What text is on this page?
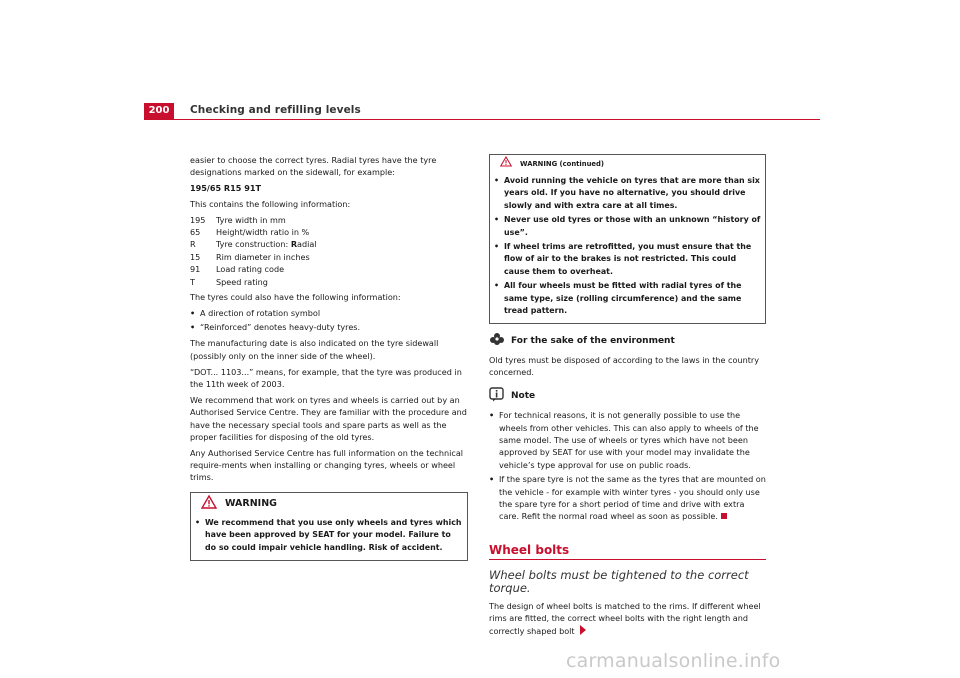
200	Checking and refilling levels

easier to choose the correct tyres. Radial tyres have the tyre designations marked on the sidewall, for example:

195/65 R15 91T

This contains the following information:

195	Tyre width in mm
65	Height/width ratio in %
R	Tyre construction: Radial
15	Rim diameter in inches
91	Load rating code
T	Speed rating

The tyres could also have the following information:

• A direction of rotation symbol
• “Reinforced” denotes heavy-duty tyres.

The manufacturing date is also indicated on the tyre sidewall (possibly only on the inner side of the wheel).

“DOT... 1103...” means, for example, that the tyre was produced in the 11th week of 2003.

We recommend that work on tyres and wheels is carried out by an Authorised Service Centre. They are familiar with the procedure and have the necessary special tools and spare parts as well as the proper facilities for disposing of the old tyres.

Any Authorised Service Centre has full information on the technical require-ments when installing or changing tyres, wheels or wheel trims.

WARNING
• We recommend that you use only wheels and tyres which have been approved by SEAT for your model. Failure to do so could impair vehicle handling. Risk of accident.
WARNING (continued)
• Avoid running the vehicle on tyres that are more than six years old. If you have no alternative, you should drive slowly and with extra care at all times.
• Never use old tyres or those with an unknown “history of use”.
• If wheel trims are retrofitted, you must ensure that the flow of air to the brakes is not restricted. This could cause them to overheat.
• All four wheels must be fitted with radial tyres of the same type, size (rolling circumference) and the same tread pattern.
For the sake of the environment

Old tyres must be disposed of according to the laws in the country concerned.

Note
• For technical reasons, it is not generally possible to use the wheels from other vehicles. This can also apply to wheels of the same model. The use of wheels or tyres which have not been approved by SEAT for use with your model may invalidate the vehicle’s type approval for use on public roads.
• If the spare tyre is not the same as the tyres that are mounted on the vehicle - for example with winter tyres - you should only use the spare tyre for a short period of time and drive with extra care. Refit the normal road wheel as soon as possible.
Wheel bolts
Wheel bolts must be tightened to the correct torque.

The design of wheel bolts is matched to the rims. If different wheel rims are fitted, the correct wheel bolts with the right length and correctly shaped bolt

carmanualsonline.info
